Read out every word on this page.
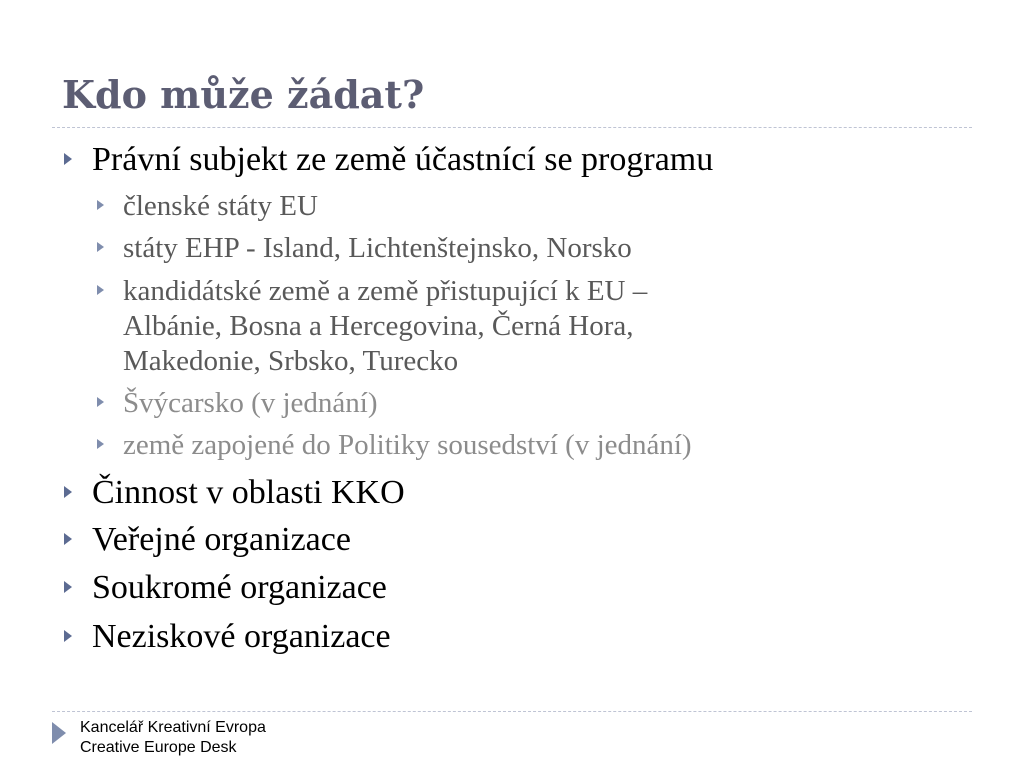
Kdo může žádat?
Právní subjekt ze země účastnící se programu
členské státy EU
státy EHP - Island, Lichtenštejnsko, Norsko
kandidátské země a země přistupující k EU –
Albánie, Bosna a Hercegovina, Černá Hora,
Makedonie, Srbsko, Turecko
Švýcarsko (v jednání)
země zapojené do Politiky sousedství (v jednání)
Činnost v oblasti KKO
Veřejné organizace
Soukromé organizace
Neziskové organizace
Kancelář Kreativní Evropa
Creative Europe Desk
